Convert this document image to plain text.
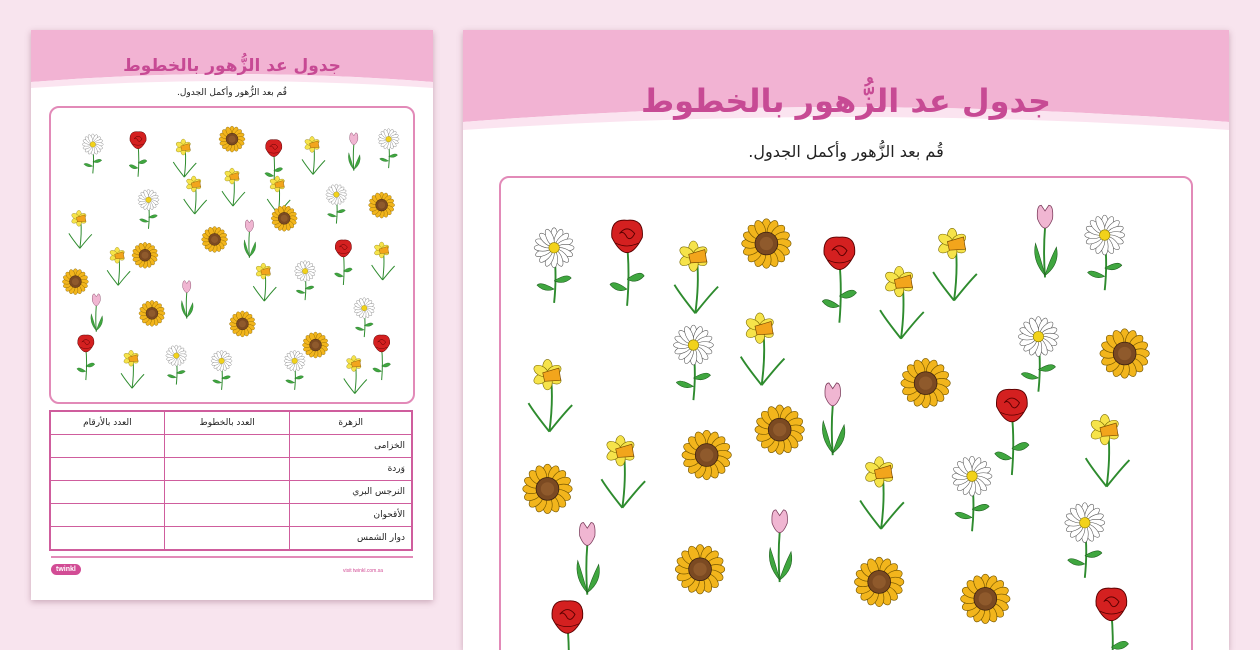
جدول عد الزُّهور بالخطوط

قُم بعد الزُّهور وأكمل الجدول.

الزهرة	العدد بالخطوط	العدد بالأرقام
الخزامى		
وَردة		
النرجس البري		
الأقحوان		
دوار الشمس		
twinkl	visit twinkl.com.sa
جدول عد الزُّهور بالخطوط

قُم بعد الزُّهور وأكمل الجدول.
